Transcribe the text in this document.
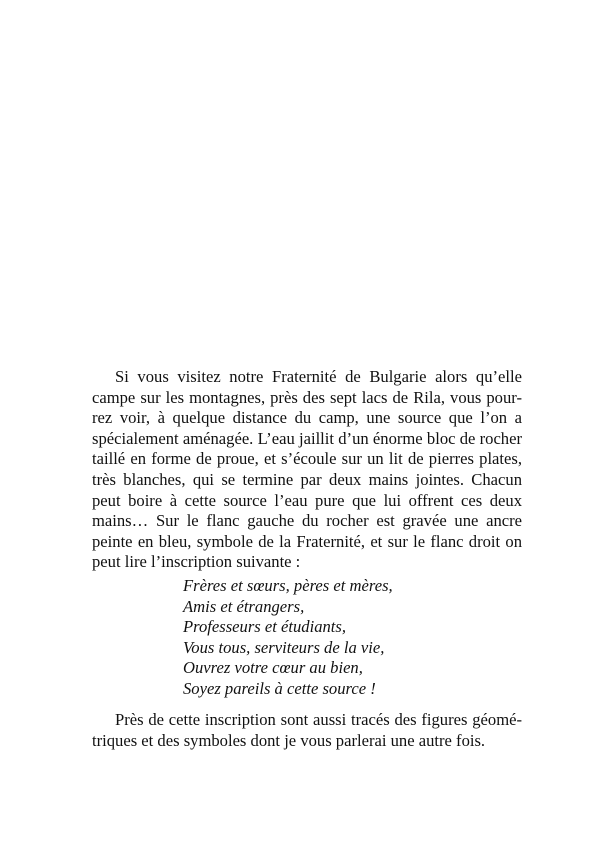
Si vous visitez notre Fraternité de Bulgarie alors qu’elle
campe sur les montagnes, près des sept lacs de Rila, vous pour-
rez voir, à quelque distance du camp, une source que l’on a
spécialement aménagée. L’eau jaillit d’un énorme bloc de rocher
taillé en forme de proue, et s’écoule sur un lit de pierres plates,
très blanches, qui se termine par deux mains jointes. Chacun
peut boire à cette source l’eau pure que lui offrent ces deux
mains… Sur le flanc gauche du rocher est gravée une ancre
peinte en bleu, symbole de la Fraternité, et sur le flanc droit on
peut lire l’inscription suivante :
Frères et sœurs, pères et mères,
Amis et étrangers,
Professeurs et étudiants,
Vous tous, serviteurs de la vie,
Ouvrez votre cœur au bien,
Soyez pareils à cette source !
Près de cette inscription sont aussi tracés des figures géomé-
triques et des symboles dont je vous parlerai une autre fois.
